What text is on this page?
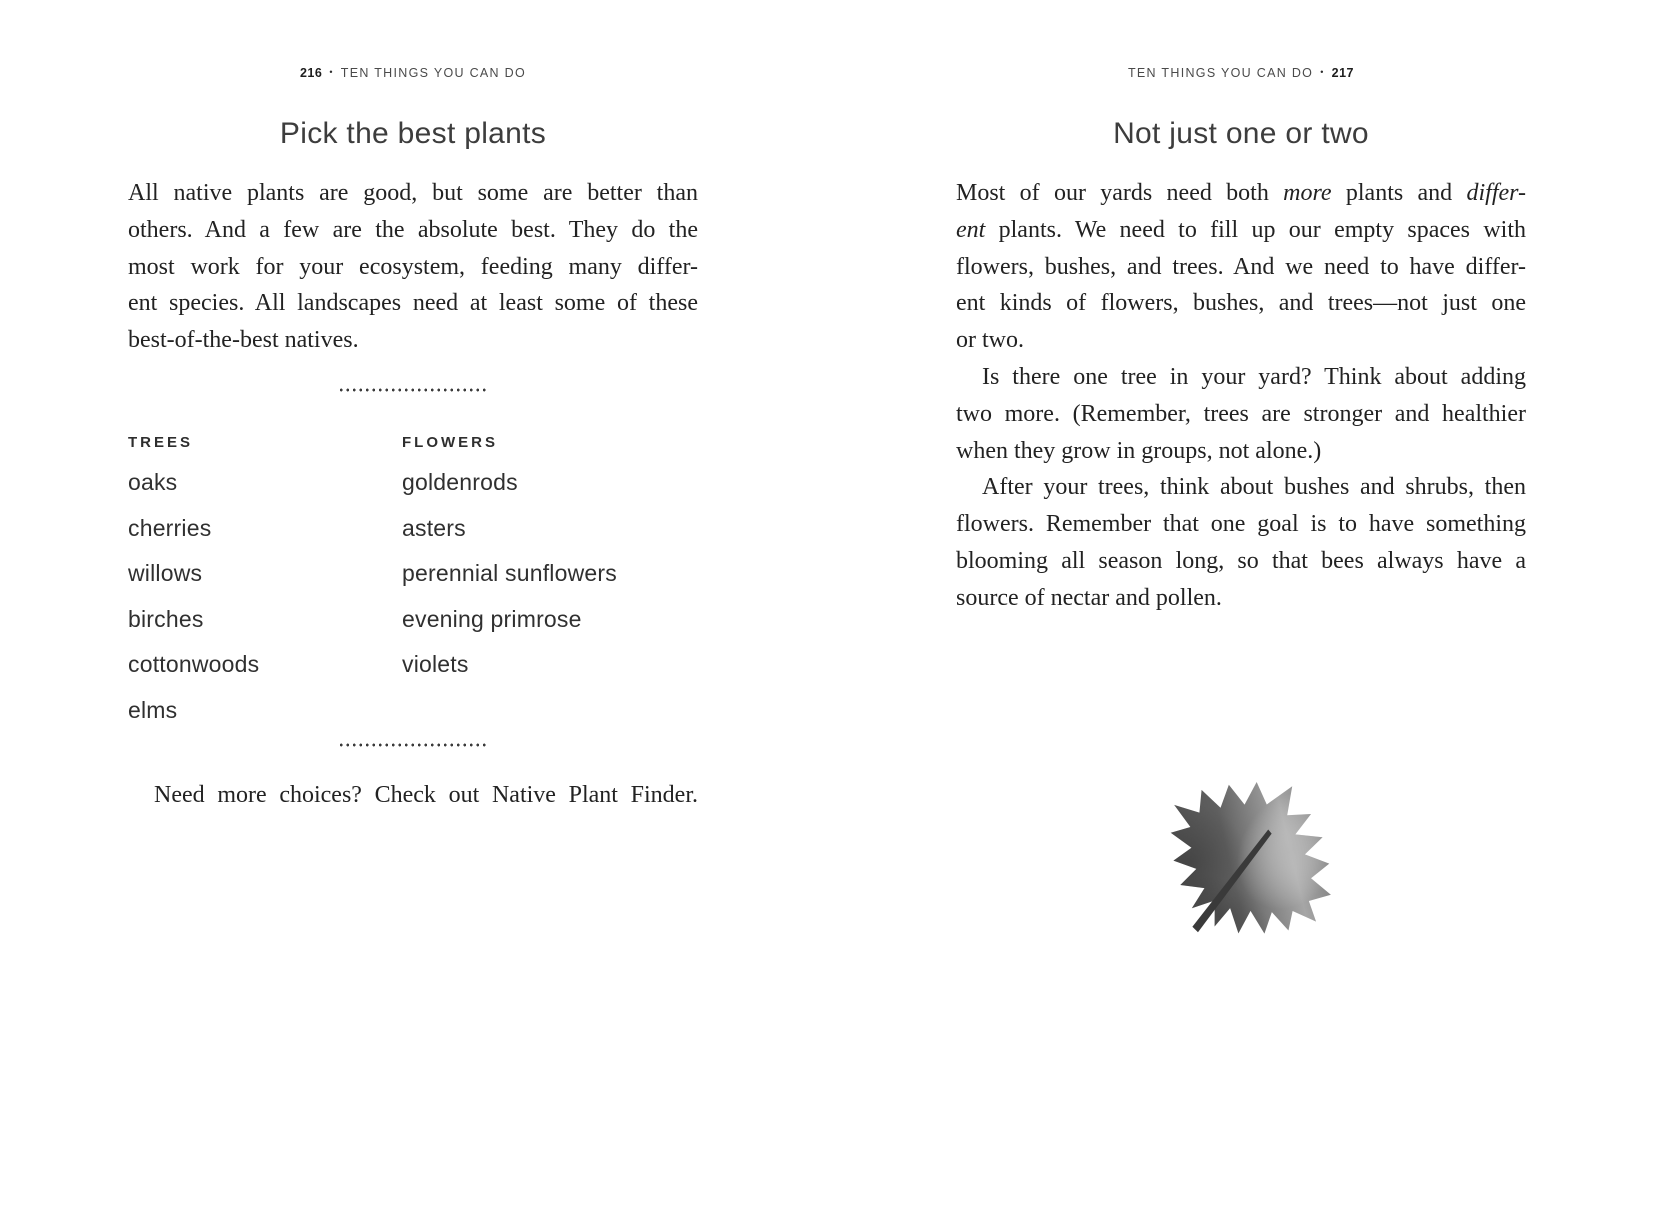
216 • TEN THINGS YOU CAN DO
Pick the best plants
All native plants are good, but some are better than
others. And a few are the absolute best. They do the
most work for your ecosystem, feeding many differ-
ent species. All landscapes need at least some of these
best-of-the-best natives.
TREES	FLOWERS
oaks
cherries
willows
birches
cottonwoods
elms
goldenrods
asters
perennial sunflowers
evening primrose
violets
Need more choices? Check out Native Plant Finder.
TEN THINGS YOU CAN DO • 217
Not just one or two
Most of our yards need both more plants and differ-
ent plants. We need to fill up our empty spaces with
flowers, bushes, and trees. And we need to have differ-
ent kinds of flowers, bushes, and trees—not just one
or two.
Is there one tree in your yard? Think about adding
two more. (Remember, trees are stronger and healthier
when they grow in groups, not alone.)
After your trees, think about bushes and shrubs, then
flowers. Remember that one goal is to have something
blooming all season long, so that bees always have a
source of nectar and pollen.
